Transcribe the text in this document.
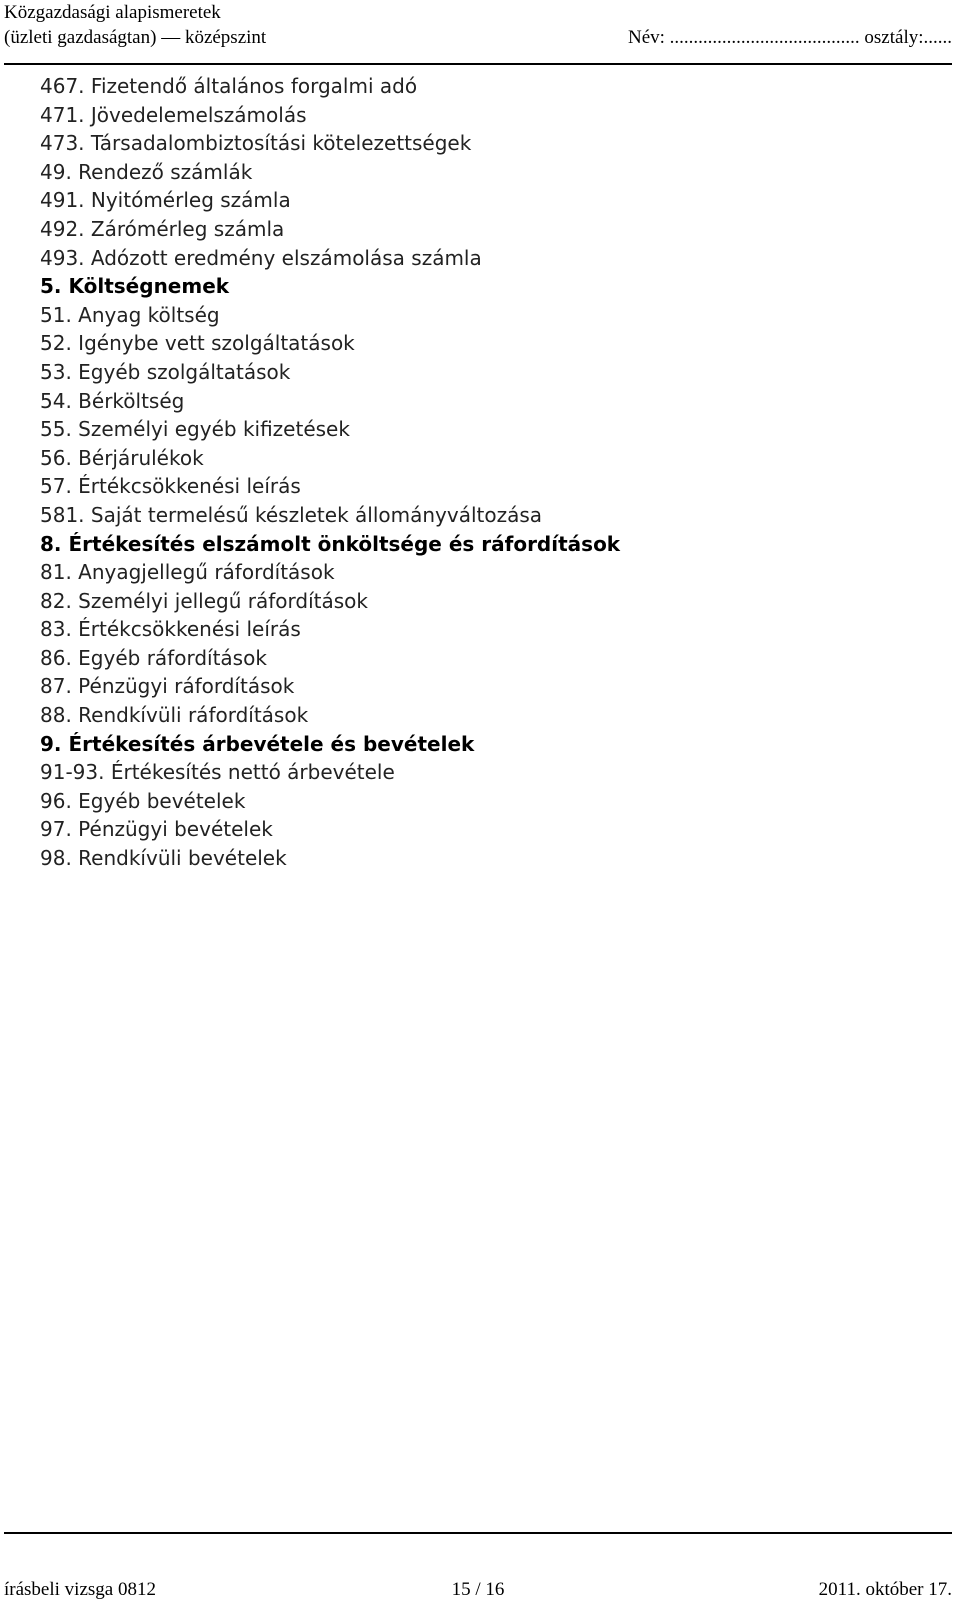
Közgazdasági alapismeretek
(üzleti gazdaságtan) — középszint	Név: ........................................ osztály:......
467. Fizetendő általános forgalmi adó
471. Jövedelemelszámolás
473. Társadalombiztosítási kötelezettségek
49. Rendező számlák
491. Nyitómérleg számla
492. Zárómérleg számla
493. Adózott eredmény elszámolása számla
5. Költségnemek
51. Anyag költség
52. Igénybe vett szolgáltatások
53. Egyéb szolgáltatások
54. Bérköltség
55. Személyi egyéb kifizetések
56. Bérjárulékok
57. Értékcsökkenési leírás
581. Saját termelésű készletek állományváltozása
8. Értékesítés elszámolt önköltsége és ráfordítások
81. Anyagjellegű ráfordítások
82. Személyi jellegű ráfordítások
83. Értékcsökkenési leírás
86. Egyéb ráfordítások
87. Pénzügyi ráfordítások
88. Rendkívüli ráfordítások
9. Értékesítés árbevétele és bevételek
91-93. Értékesítés nettó árbevétele
96. Egyéb bevételek
97. Pénzügyi bevételek
98. Rendkívüli bevételek
írásbeli vizsga 0812	15 / 16	2011. október 17.
